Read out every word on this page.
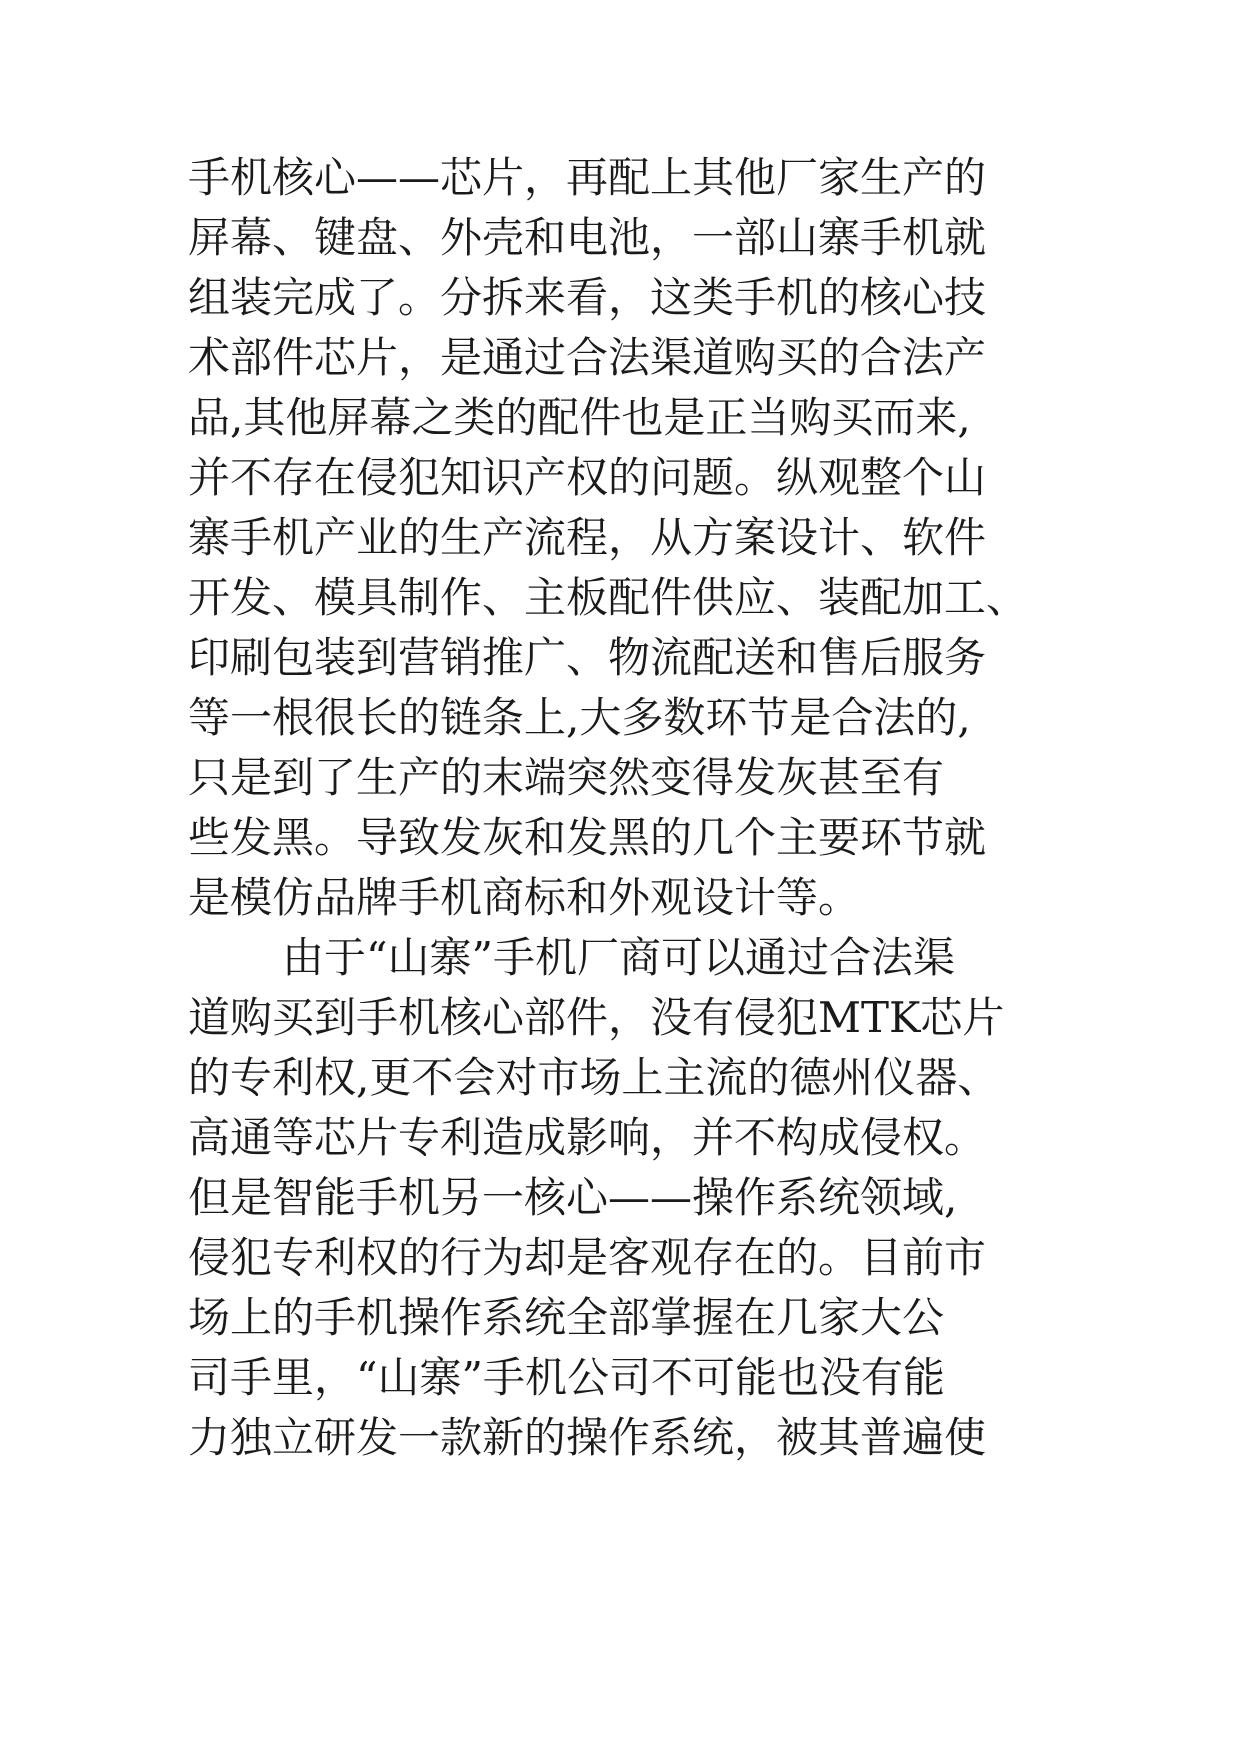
手机核心——芯片，再配上其他厂家生产的
屏幕、键盘、外壳和电池，一部山寨手机就
组装完成了。分拆来看，这类手机的核心技
术部件芯片，是通过合法渠道购买的合法产
品,其他屏幕之类的配件也是正当购买而来,
并不存在侵犯知识产权的问题。纵观整个山
寨手机产业的生产流程，从方案设计、软件
开发、模具制作、主板配件供应、装配加工、
印刷包装到营销推广、物流配送和售后服务
等一根很长的链条上,大多数环节是合法的,
只是到了生产的末端突然变得发灰甚至有
些发黑。导致发灰和发黑的几个主要环节就
是模仿品牌手机商标和外观设计等。
由于“山寨”手机厂商可以通过合法渠
道购买到手机核心部件，没有侵犯MTK芯片
的专利权,更不会对市场上主流的德州仪器、
高通等芯片专利造成影响，并不构成侵权。
但是智能手机另一核心——操作系统领域,
侵犯专利权的行为却是客观存在的。目前市
场上的手机操作系统全部掌握在几家大公
司手里，“山寨”手机公司不可能也没有能
力独立研发一款新的操作系统，被其普遍使
